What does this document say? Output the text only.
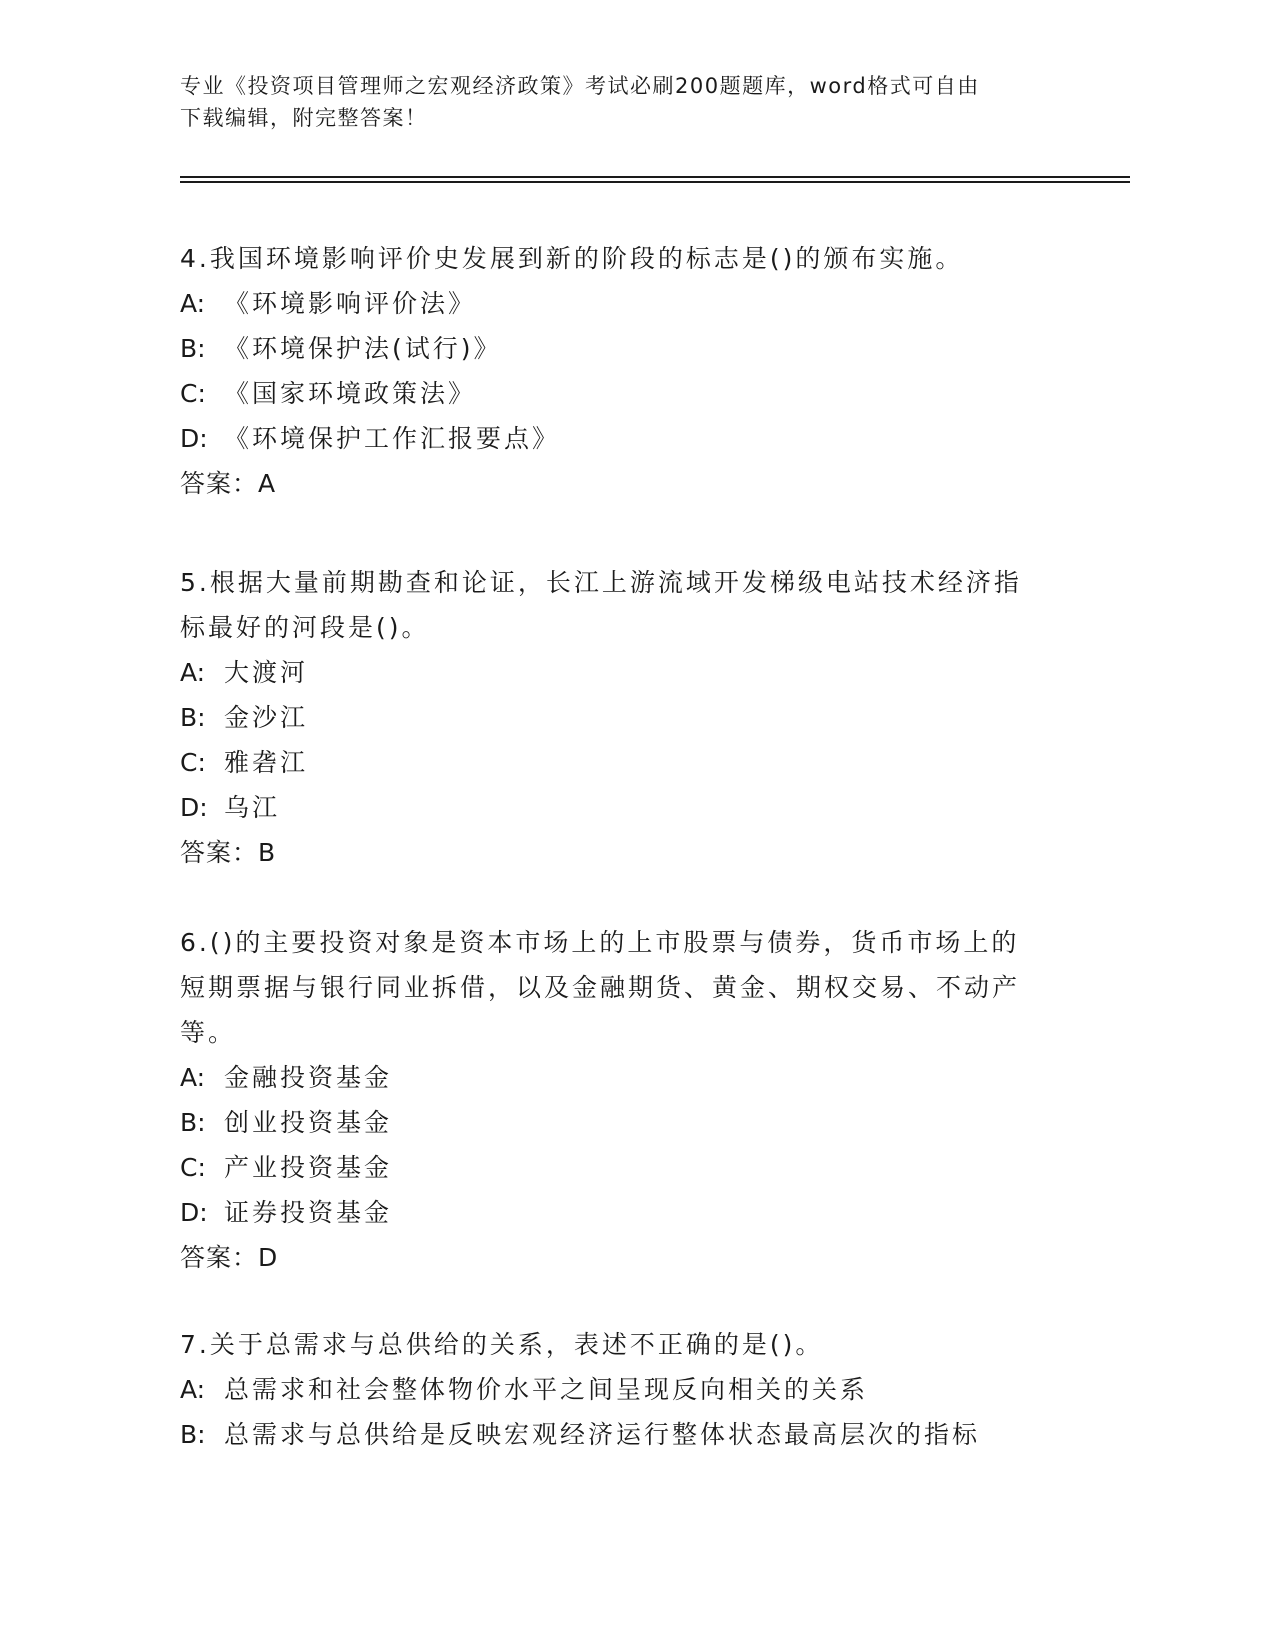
专业《投资项目管理师之宏观经济政策》考试必刷200题题库，word格式可自由
下载编辑，附完整答案！
4.我国环境影响评价史发展到新的阶段的标志是()的颁布实施。
A: 《环境影响评价法》
B: 《环境保护法(试行)》
C: 《国家环境政策法》
D: 《环境保护工作汇报要点》
答案：A
5.根据大量前期勘查和论证，长江上游流域开发梯级电站技术经济指
标最好的河段是()。
A: 大渡河
B: 金沙江
C: 雅砻江
D: 乌江
答案：B
6.()的主要投资对象是资本市场上的上市股票与债券，货币市场上的
短期票据与银行同业拆借，以及金融期货、黄金、期权交易、不动产
等。
A: 金融投资基金
B: 创业投资基金
C: 产业投资基金
D: 证券投资基金
答案：D
7.关于总需求与总供给的关系，表述不正确的是()。
A: 总需求和社会整体物价水平之间呈现反向相关的关系
B: 总需求与总供给是反映宏观经济运行整体状态最高层次的指标
